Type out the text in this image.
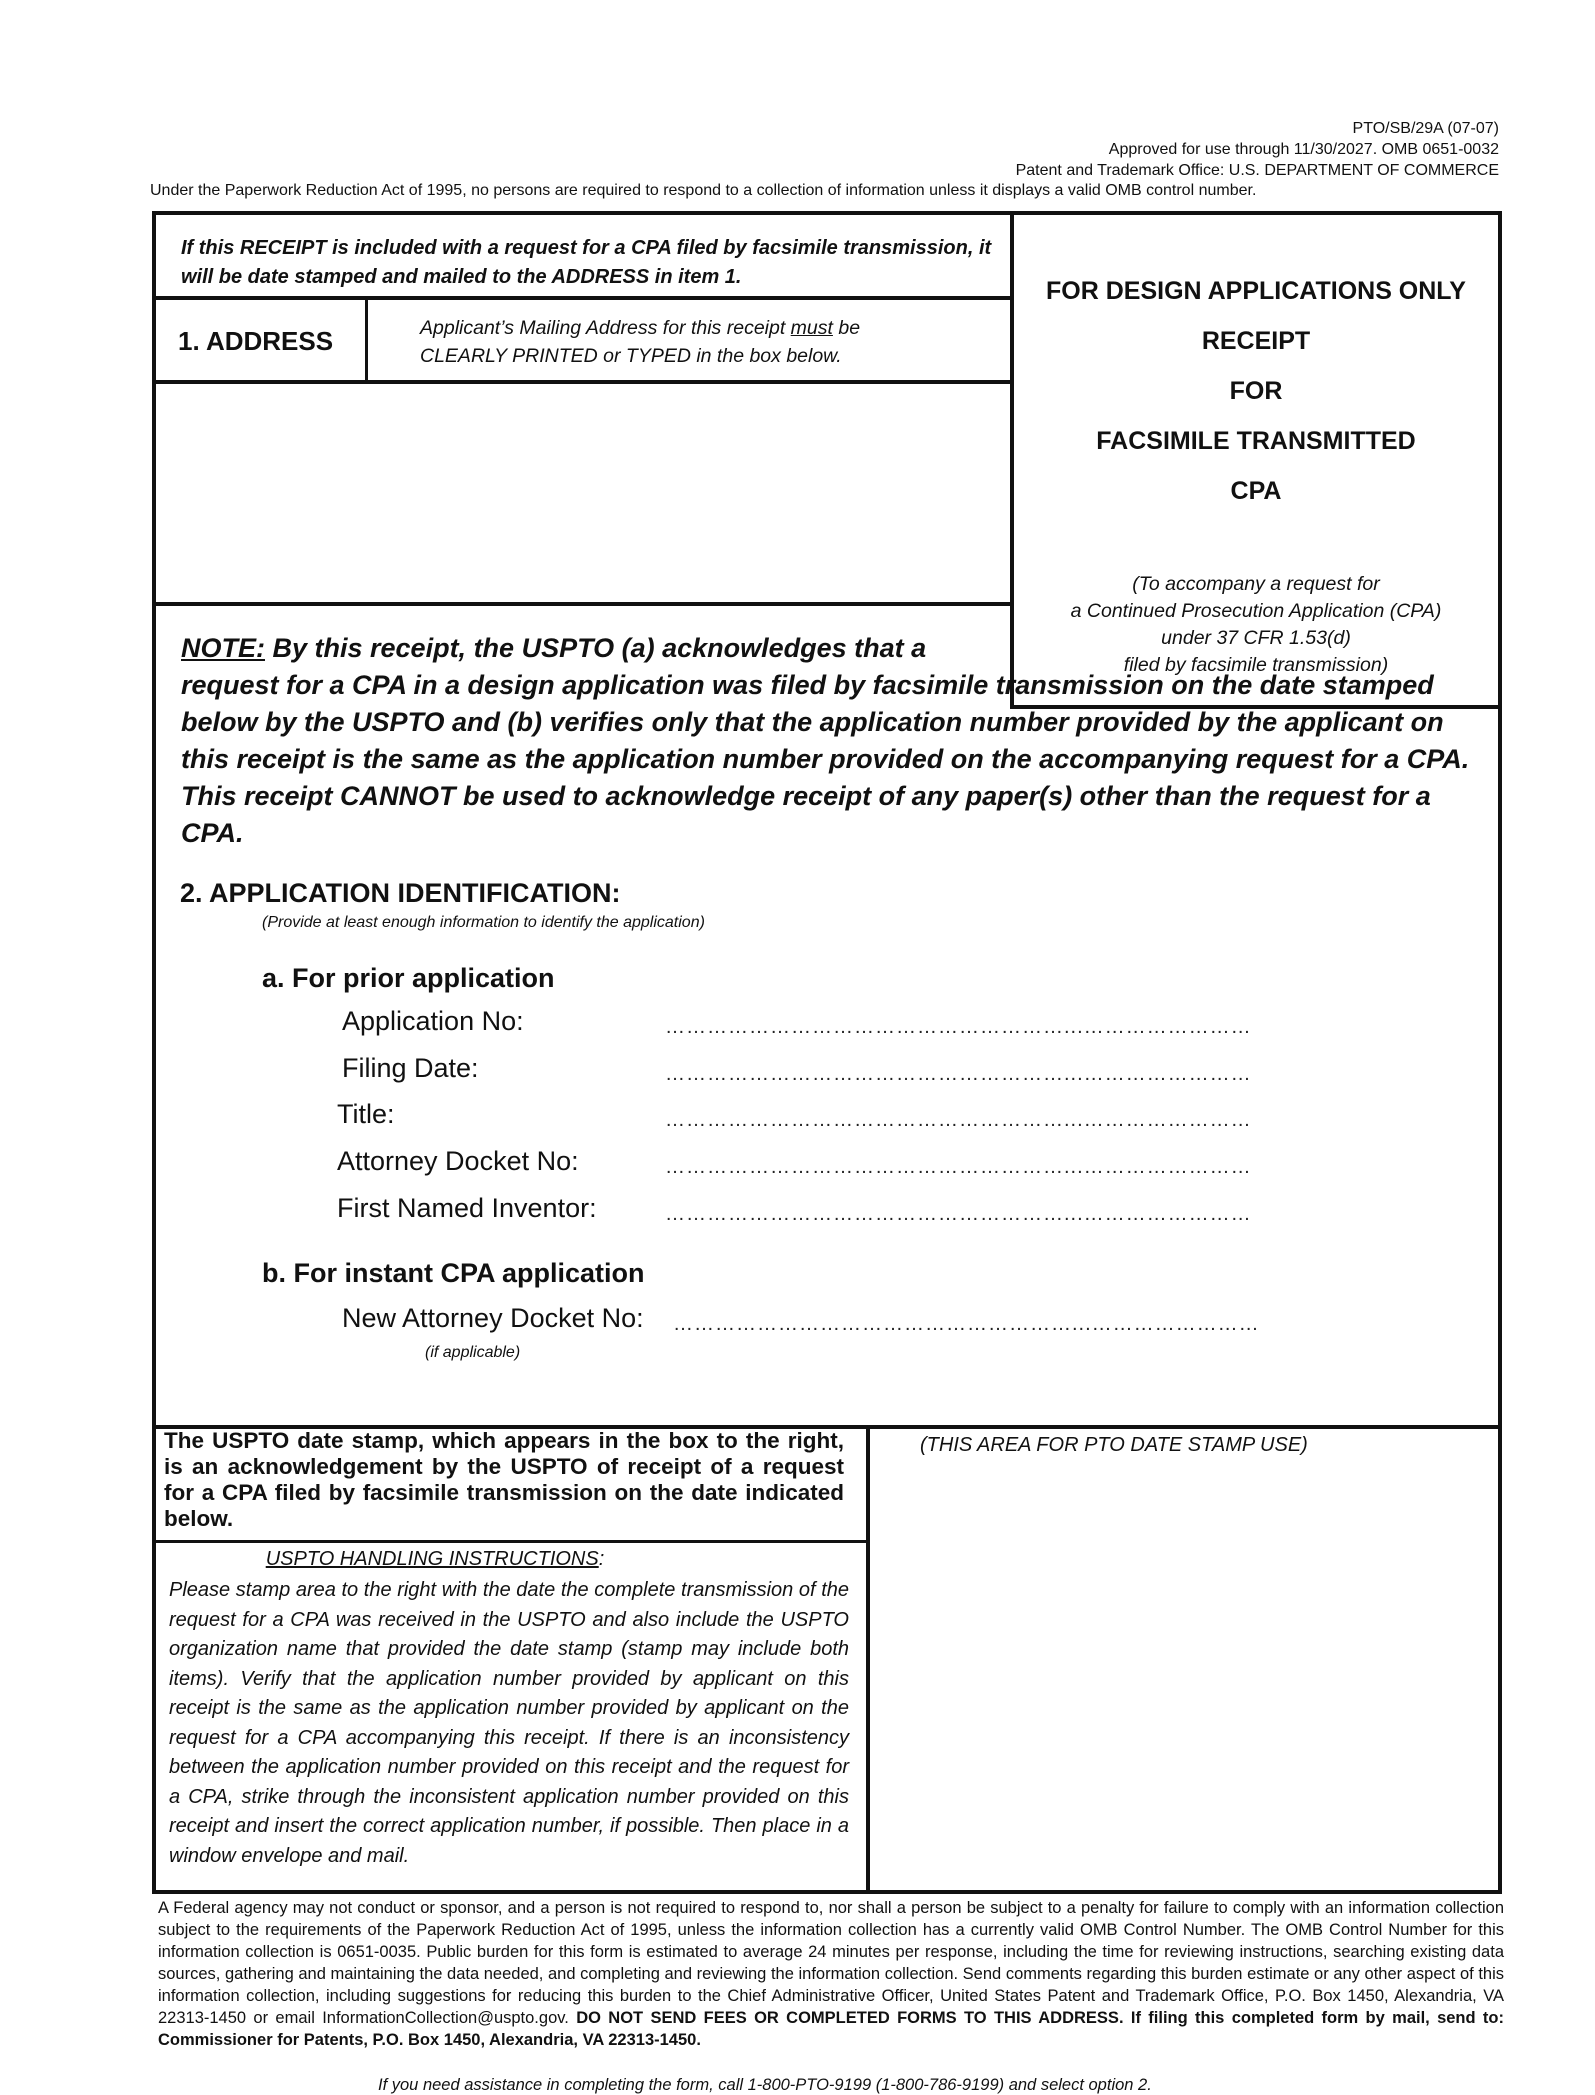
PTO/SB/29A (07-07)
Approved for use through 11/30/2027. OMB 0651-0032
Patent and Trademark Office: U.S. DEPARTMENT OF COMMERCE
Under the Paperwork Reduction Act of 1995, no persons are required to respond to a collection of information unless it displays a valid OMB control number.
If this RECEIPT is included with a request for a CPA filed by facsimile transmission, it will be date stamped and mailed to the ADDRESS in item 1.
1. ADDRESS	Applicant’s Mailing Address for this receipt must be CLEARLY PRINTED or TYPED in the box below.
FOR DESIGN APPLICATIONS ONLY
RECEIPT
FOR
FACSIMILE TRANSMITTED
CPA
(To accompany a request for
a Continued Prosecution Application (CPA)
under 37 CFR 1.53(d)
filed by facsimile transmission)
NOTE: By this receipt, the USPTO (a) acknowledges that a
request for a CPA in a design application was filed by facsimile transmission on the date stamped below by the USPTO and (b) verifies only that the application number provided by the applicant on this receipt is the same as the application number provided on the accompanying request for a CPA. This receipt CANNOT be used to acknowledge receipt of any paper(s) other than the request for a CPA.
2. APPLICATION IDENTIFICATION:
(Provide at least enough information to identify the application)
a. For prior application
Application No:	…………………………………………………...……………………
Filing Date:	…………………………………………………...……………………
Title:	…………………………………………………...……………………
Attorney Docket No:	…………………………………………………...……………………
First Named Inventor:	…………………………………………………...……………………
b. For instant CPA application
New Attorney Docket No: …………………………………………………...……………………
(if applicable)
The USPTO date stamp, which appears in the box to the right, is an acknowledgement by the USPTO of receipt of a request for a CPA filed by facsimile transmission on the date indicated below.
USPTO HANDLING INSTRUCTIONS:
Please stamp area to the right with the date the complete transmission of the request for a CPA was received in the USPTO and also include the USPTO organization name that provided the date stamp (stamp may include both items). Verify that the application number provided by applicant on this receipt is the same as the application number provided by applicant on the request for a CPA accompanying this receipt. If there is an inconsistency between the application number provided on this receipt and the request for a CPA, strike through the inconsistent application number provided on this receipt and insert the correct application number, if possible. Then place in a window envelope and mail.
(THIS AREA FOR PTO DATE STAMP USE)
A Federal agency may not conduct or sponsor, and a person is not required to respond to, nor shall a person be subject to a penalty for failure to comply with an information collection subject to the requirements of the Paperwork Reduction Act of 1995, unless the information collection has a currently valid OMB Control Number. The OMB Control Number for this information collection is 0651-0035. Public burden for this form is estimated to average 24 minutes per response, including the time for reviewing instructions, searching existing data sources, gathering and maintaining the data needed, and completing and reviewing the information collection. Send comments regarding this burden estimate or any other aspect of this information collection, including suggestions for reducing this burden to the Chief Administrative Officer, United States Patent and Trademark Office, P.O. Box 1450, Alexandria, VA 22313-1450 or email InformationCollection@uspto.gov. DO NOT SEND FEES OR COMPLETED FORMS TO THIS ADDRESS. If filing this completed form by mail, send to: Commissioner for Patents, P.O. Box 1450, Alexandria, VA 22313-1450.
If you need assistance in completing the form, call 1-800-PTO-9199 (1-800-786-9199) and select option 2.
